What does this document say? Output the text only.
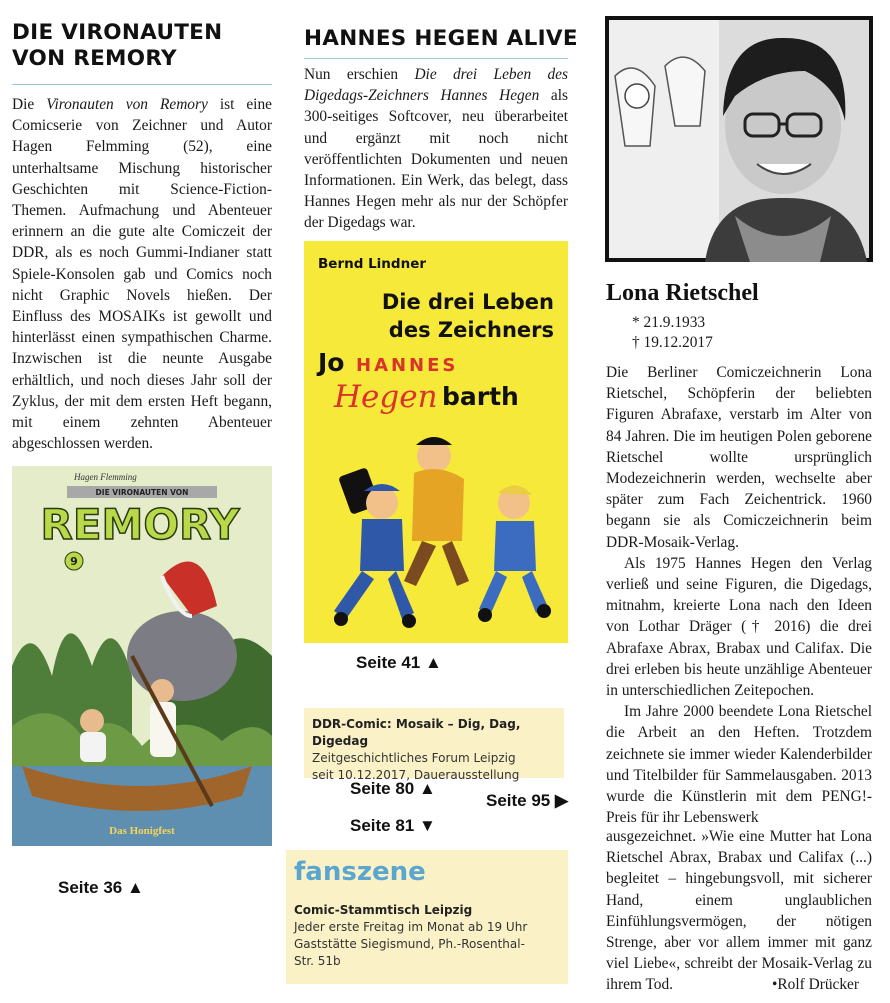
DIE VIRONAUTEN
VON REMORY

Die Vironauten von Remory ist eine Comicserie von Zeichner und Autor Hagen Felmming (52), eine unterhaltsame Mischung historischer Geschichten mit Science-Fiction-Themen. Aufmachung und Abenteuer erinnern an die gute alte Comiczeit der DDR, als es noch Gummi-Indianer statt Spiele-Konsolen gab und Comics noch nicht Graphic Novels hießen. Der Einfluss des MOSAIKs ist gewollt und hinterlässt einen sympathischen Charme. Inzwischen ist die neunte Ausgabe erhältlich, und noch dieses Jahr soll der Zyklus, der mit dem ersten Heft begann, mit einem zehnten Abenteuer abgeschlossen werden.

Hagen Flemming
DIE VIRONAUTEN VON
REMORY
9
Das Honigfest
Seite 36 ▲
HANNES HEGEN ALIVE

Nun erschien Die drei Leben des Digedags-Zeichners Hannes Hegen als 300-seitiges Softcover, neu überarbeitet und ergänzt mit noch nicht veröffentlichten Dokumenten und neuen Informationen. Ein Werk, das belegt, dass Hannes Hegen mehr als nur der Schöpfer der Digedags war.

Bernd Lindner
Die drei Leben
des Zeichners
Jo HANNES
Hegen barth
Seite 41 ▲
DDR-Comic: Mosaik – Dig, Dag, Digedag
Zeitgeschichtliches Forum Leipzig
seit 10.12.2017, Dauerausstellung
Seite 80 ▲
Seite 95 ▶
Seite 81 ▼
fanszene
Comic-Stammtisch Leipzig
Jeder erste Freitag im Monat ab 19 Uhr
Gaststätte Siegismund, Ph.-Rosenthal-
Str. 51b
Lona Rietschel
* 21.9.1933
† 19.12.2017

Die Berliner Comiczeichnerin Lona Rietschel, Schöpferin der beliebten Figuren Abrafaxe, verstarb im Alter von 84 Jahren. Die im heutigen Polen geborene Rietschel wollte ursprünglich Modezeichnerin werden, wechselte aber später zum Fach Zeichentrick. 1960 begann sie als Comiczeichnerin beim DDR-Mosaik-Verlag.

Als 1975 Hannes Hegen den Verlag verließ und seine Figuren, die Digedags, mitnahm, kreierte Lona nach den Ideen von Lothar Dräger († 2016) die drei Abrafaxe Abrax, Brabax und Califax. Die drei erleben bis heute unzählige Abenteuer in unterschiedlichen Zeitepochen.

Im Jahre 2000 beendete Lona Rietschel die Arbeit an den Heften. Trotzdem zeichnete sie immer wieder Kalenderbilder und Titelbilder für Sammelausgaben. 2013 wurde die Künstlerin mit dem PENG!-Preis für ihr Lebenswerk

ausgezeichnet. »Wie eine Mutter hat Lona Rietschel Abrax, Brabax und Califax (...) begleitet – hingebungsvoll, mit sicherer Hand, einem unglaublichen Einfühlungsvermögen, der nötigen Strenge, aber vor allem immer mit ganz viel Liebe«, schreibt der Mosaik-Verlag zu ihrem Tod.	•Rolf Drücker
